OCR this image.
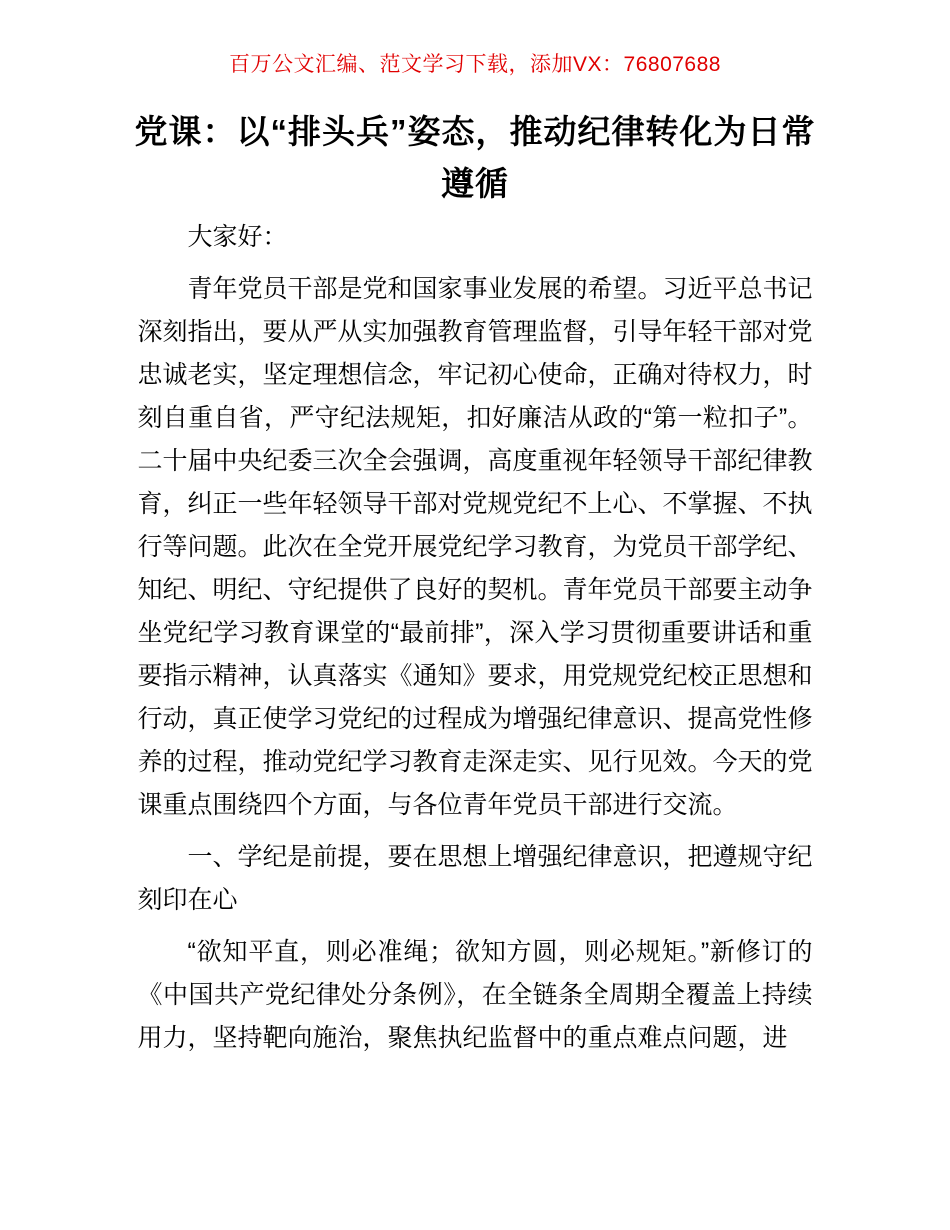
百万公文汇编、范文学习下载，添加VX：76807688
党课：以“排头兵”姿态，推动纪律转化为日常遵循

大家好：

青年党员干部是党和国家事业发展的希望。习近平总书记深刻指出，要从严从实加强教育管理监督，引导年轻干部对党忠诚老实，坚定理想信念，牢记初心使命，正确对待权力，时刻自重自省，严守纪法规矩，扣好廉洁从政的“第一粒扣子”。二十届中央纪委三次全会强调，高度重视年轻领导干部纪律教育，纠正一些年轻领导干部对党规党纪不上心、不掌握、不执行等问题。此次在全党开展党纪学习教育，为党员干部学纪、知纪、明纪、守纪提供了良好的契机。青年党员干部要主动争坐党纪学习教育课堂的“最前排”，深入学习贯彻重要讲话和重要指示精神，认真落实《通知》要求，用党规党纪校正思想和行动，真正使学习党纪的过程成为增强纪律意识、提高党性修养的过程，推动党纪学习教育走深走实、见行见效。今天的党课重点围绕四个方面，与各位青年党员干部进行交流。

一、学纪是前提，要在思想上增强纪律意识，把遵规守纪刻印在心

“欲知平直，则必准绳；欲知方圆，则必规矩。”新修订的《中国共产党纪律处分条例》，在全链条全周期全覆盖上持续用力，坚持靶向施治，聚焦执纪监督中的重点难点问题，进
